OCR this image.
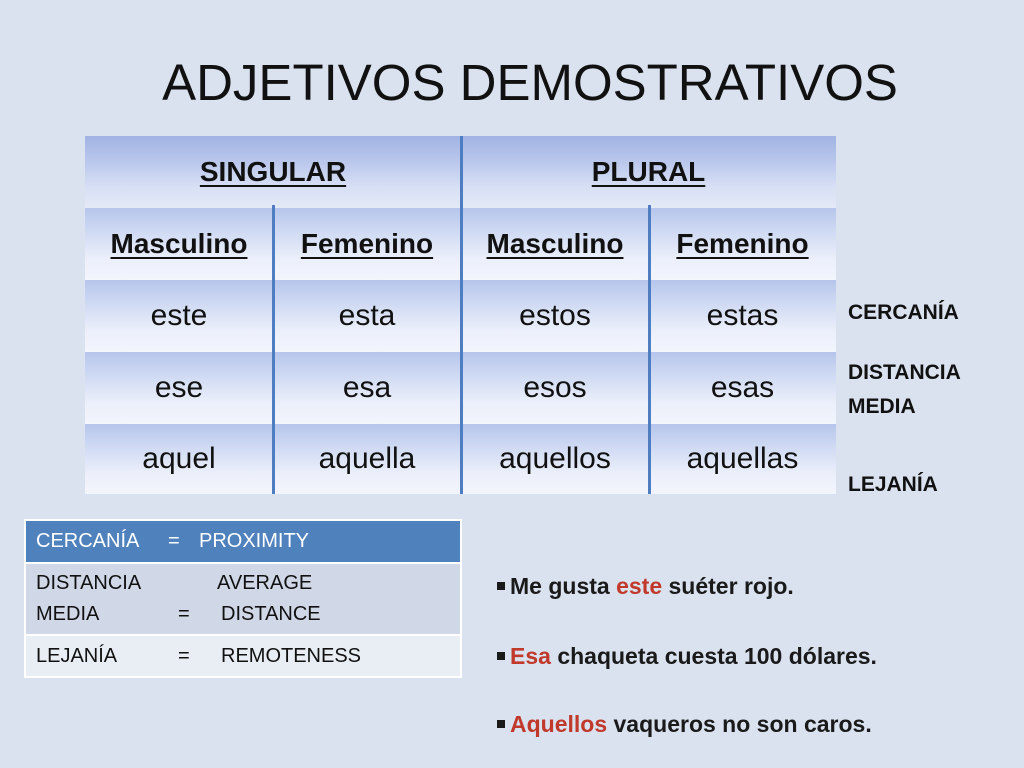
ADJETIVOS DEMOSTRATIVOS
SINGULAR	PLURAL
Masculino	Femenino	Masculino	Femenino
este	esta	estos	estas
ese	esa	esos	esas
aquel	aquella	aquellos	aquellas
CERCANÍA
DISTANCIA
MEDIA
LEJANÍA
CERCANÍA = PROXIMITY
DISTANCIA	AVERAGE
MEDIA	= DISTANCE
LEJANÍA	= REMOTENESS
Me gusta este suéter rojo.
Esa chaqueta cuesta 100 dólares.
Aquellos vaqueros no son caros.
